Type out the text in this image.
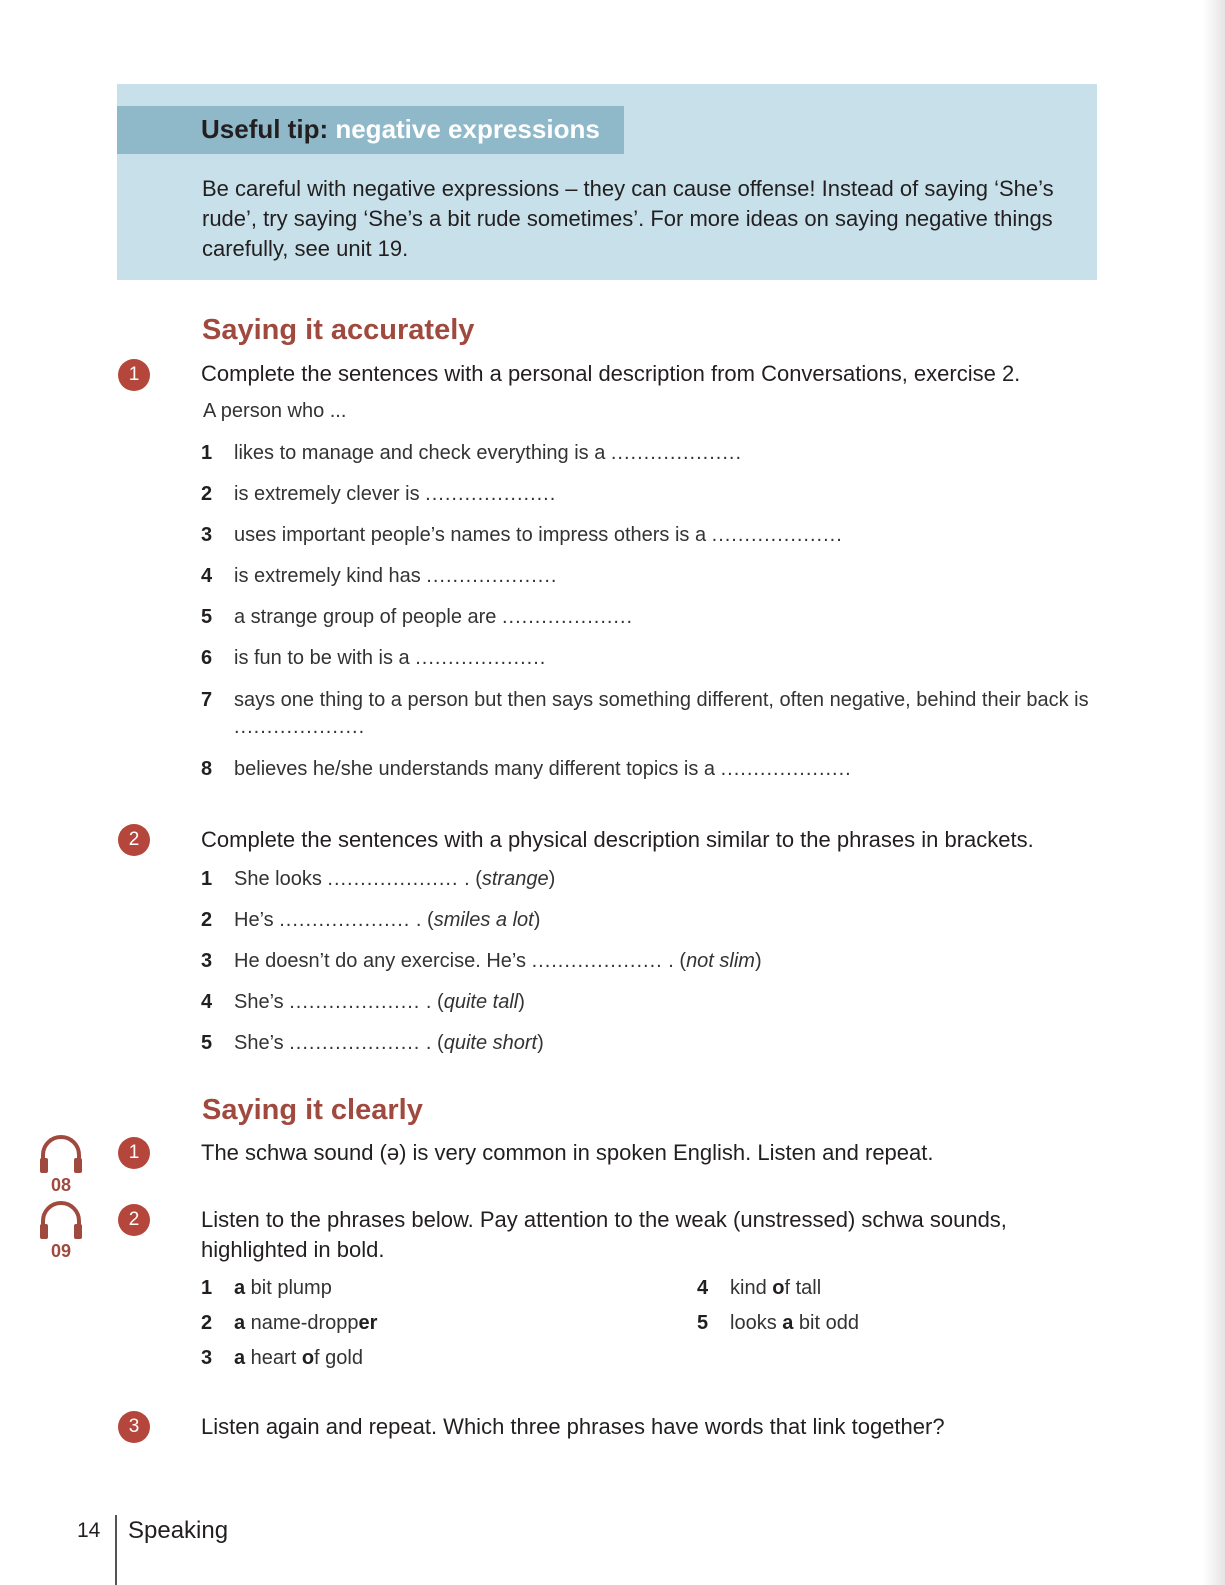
Useful tip: negative expressions
Be careful with negative expressions – they can cause offense! Instead of saying ‘She’s rude’, try saying ‘She’s a bit rude sometimes’. For more ideas on saying negative things carefully, see unit 19.
Saying it accurately
1	Complete the sentences with a personal description from Conversations, exercise 2.
A person who ...
1 likes to manage and check everything is a ....................
2 is extremely clever is ....................
3 uses important people’s names to impress others is a ....................
4 is extremely kind has ....................
5 a strange group of people are ....................
6 is fun to be with is a ....................
7 says one thing to a person but then says something different, often negative, behind their back is ....................
8 believes he/she understands many different topics is a ....................
2	Complete the sentences with a physical description similar to the phrases in brackets.
1 She looks .................... . (strange)
2 He’s .................... . (smiles a lot)
3 He doesn’t do any exercise. He’s .................... . (not slim)
4 She’s .................... . (quite tall)
5 She’s .................... . (quite short)
Saying it clearly
08
1	The schwa sound (ə) is very common in spoken English. Listen and repeat.
09
2	Listen to the phrases below. Pay attention to the weak (unstressed) schwa sounds, highlighted in bold.
1 a bit plump
2 a name-dropper
3 a heart of gold
4 kind of tall
5 looks a bit odd
3	Listen again and repeat. Which three phrases have words that link together?
14 Speaking
